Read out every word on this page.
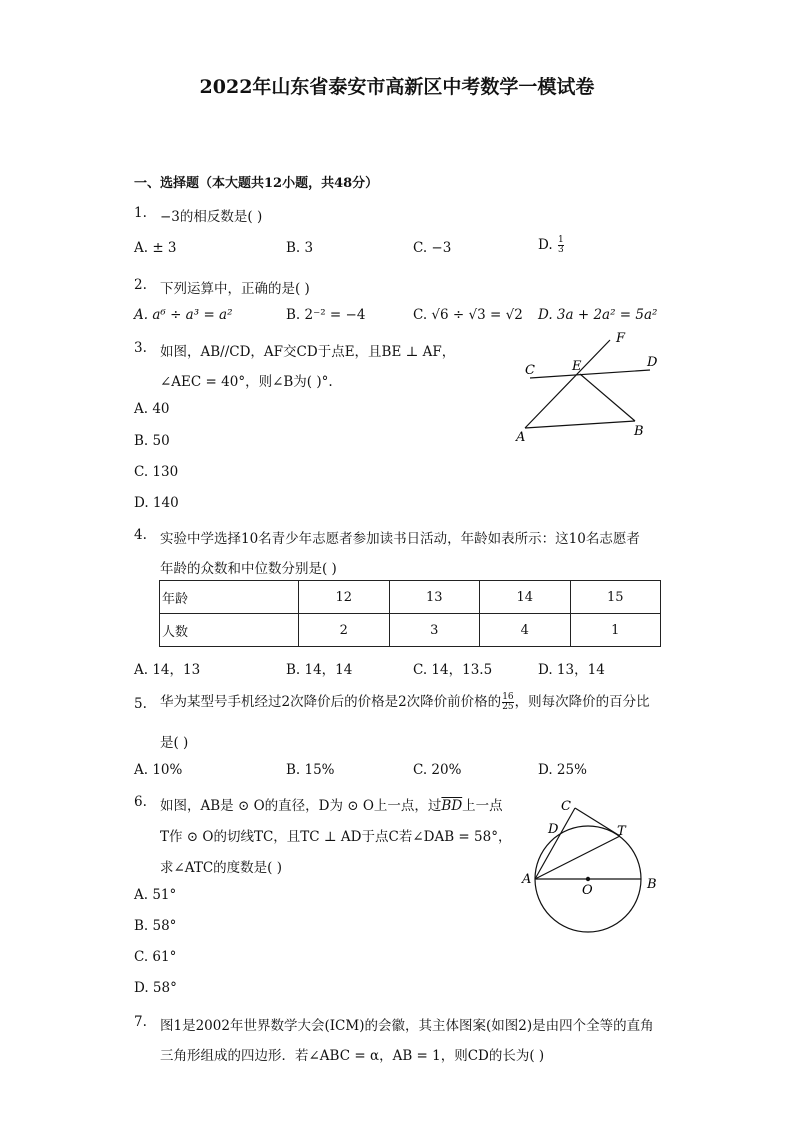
2022年山东省泰安市高新区中考数学一模试卷
一、选择题（本大题共12小题，共48分）
1. −3的相反数是( )
A. ± 3	B. 3	C. −3	D. $\frac{1}{3}$
2. 下列运算中，正确的是( )
A. a⁶ ÷ a³ = a²	B. 2⁻² = −4	C. √6 ÷ √3 = √2 D. 3a + 2a² = 5a²
3. 如图，AB//CD，AF交CD于点E，且BE ⊥ AF，
∠AEC = 40°，则∠B为( )°.
A. 40
B. 50
C. 130
D. 140
C	E
F
D
A	B
4. 实验中学选择10名青少年志愿者参加读书日活动，年龄如表所示：这10名志愿者
年龄的众数和中位数分别是( )
年龄	12	13	14	15
人数	2	3	4	1
A. 14，13	B. 14，14	C. 14，13.5	D. 13，14
5. 华为某型号手机经过2次降价后的价格是2次降价前价格的 $\frac{16}{25}$ ，则每次降价的百分比
是( )
A. 10%	B. 15%	C. 20%	D. 25%
6. 如图，AB是 ⊙ O的直径，D为 ⊙ O上一点，过$\overline{BD}$上一点
T作 ⊙ O的切线TC，且TC ⊥ AD于点C若∠DAB = 58°，
求∠ATC的度数是( )
A. 51°
B. 58°
C. 61°
D. 58°
C
D	T
A
O	B
7. 图1是2002年世界数学大会(ICM)的会徽，其主体图案(如图2)是由四个全等的直角
三角形组成的四边形．若∠ABC = α，AB = 1，则CD的长为( )
